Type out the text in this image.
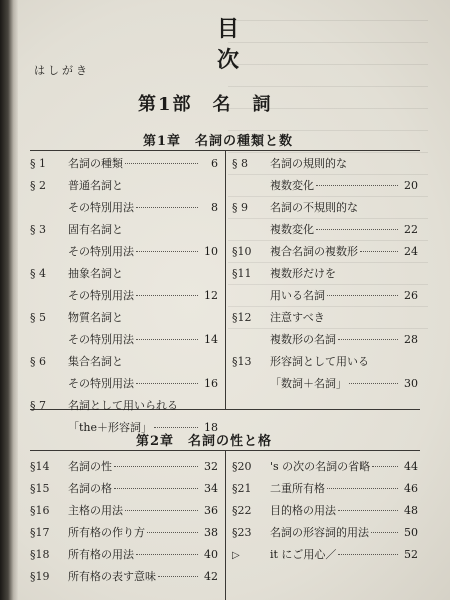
目 次
はしがき
第1部　名　詞
第1章　名詞の種類と数
§ 1	名詞の種類	6
§ 2	普通名詞と
その特別用法	8
§ 3	固有名詞と
その特別用法	10
§ 4	抽象名詞と
その特別用法	12
§ 5	物質名詞と
その特別用法	14
§ 6	集合名詞と
その特別用法	16
§ 7	名詞として用いられる
「the＋形容詞」	18
§ 8	名詞の規則的な
複数変化	20
§ 9	名詞の不規則的な
複数変化	22
§10	複合名詞の複数形	24
§11	複数形だけを
用いる名詞	26
§12	注意すべき
複数形の名詞	28
§13	形容詞として用いる
「数詞＋名詞」	30
第2章　名詞の性と格
§14	名詞の性	32
§15	名詞の格	34
§16	主格の用法	36
§17	所有格の作り方	38
§18	所有格の用法	40
§19	所有格の表す意味	42
§20	's の次の名詞の省略	44
§21	二重所有格	46
§22	目的格の用法	48
§23	名詞の形容詞的用法	50
▷	it にご用心／	52
